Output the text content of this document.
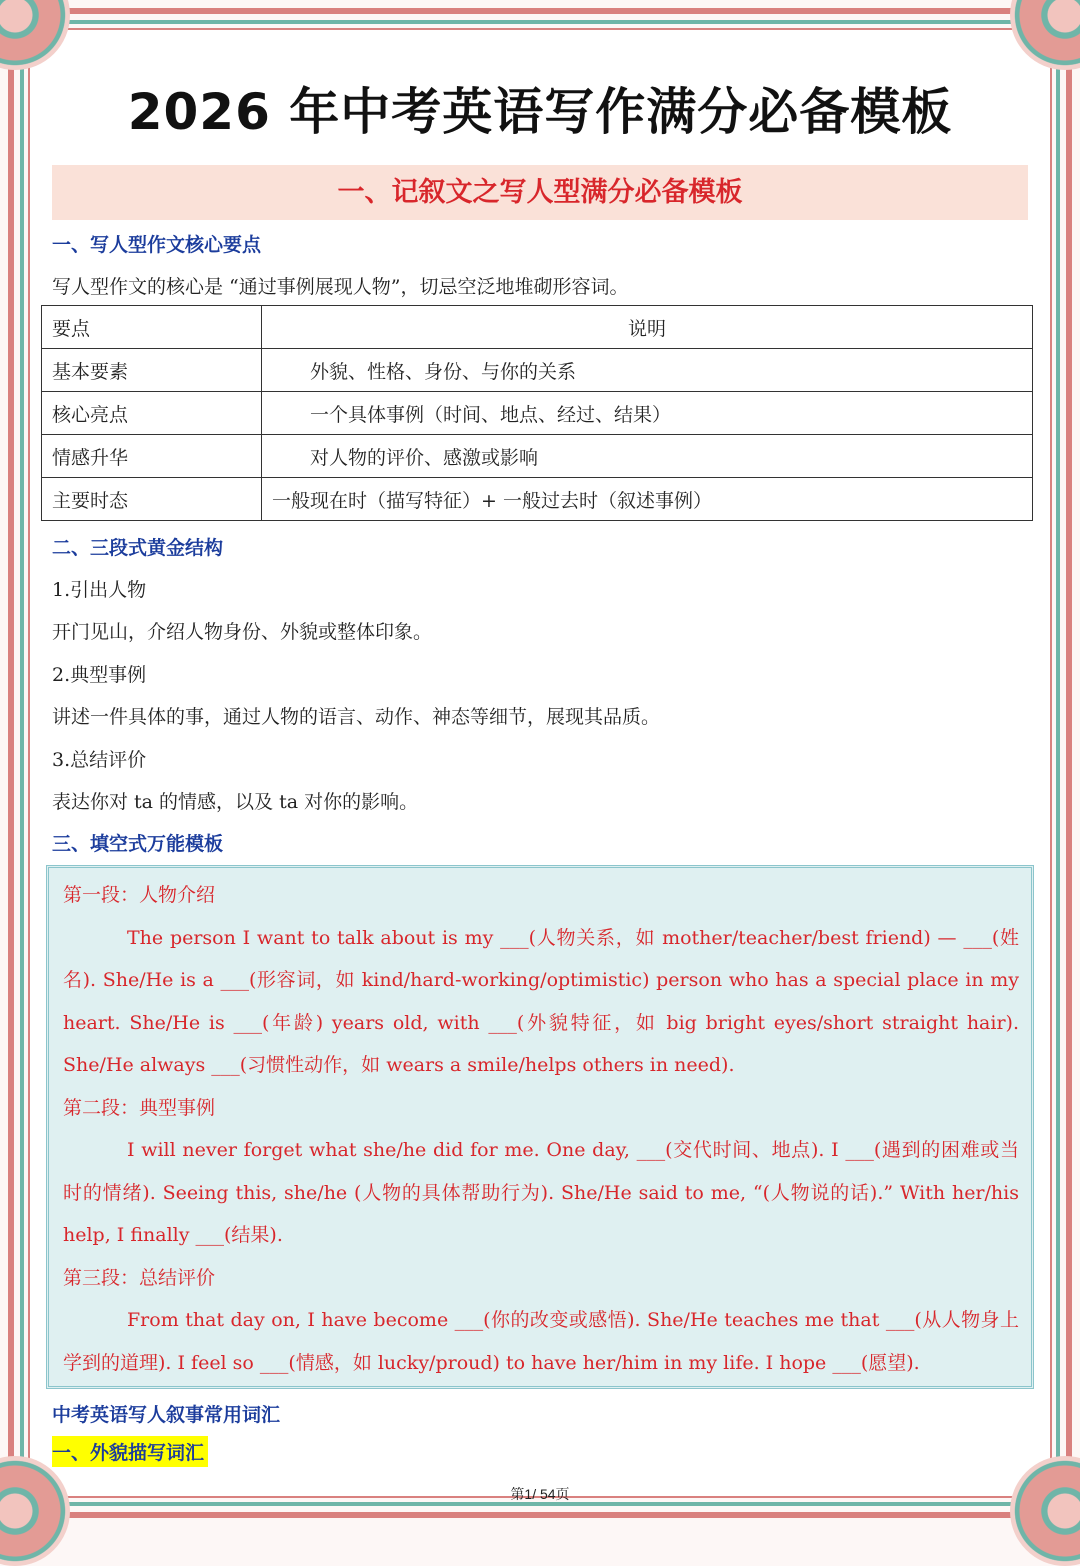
2026 年中考英语写作满分必备模板
一、记叙文之写人型满分必备模板
一、写人型作文核心要点
写人型作文的核心是 “通过事例展现人物”，切忌空泛地堆砌形容词。
要点	说明
基本要素	外貌、性格、身份、与你的关系
核心亮点	一个具体事例（时间、地点、经过、结果）
情感升华	对人物的评价、感激或影响
主要时态	一般现在时（描写特征）+ 一般过去时（叙述事例）
二、三段式黄金结构
1.引出人物
开门见山，介绍人物身份、外貌或整体印象。
2.典型事例
讲述一件具体的事，通过人物的语言、动作、神态等细节，展现其品质。
3.总结评价
表达你对 ta 的情感，以及 ta 对你的影响。
三、填空式万能模板
第一段：人物介绍
The person I want to talk about is my ___(人物关系，如 mother/teacher/best friend) — ___(姓名). She/He is a ___(形容词，如 kind/hard-working/optimistic) person who has a special place in my heart. She/He is ___(年龄) years old, with ___(外貌特征，如 big bright eyes/short straight hair). She/He always ___(习惯性动作，如 wears a smile/helps others in need).
第二段：典型事例
I will never forget what she/he did for me. One day, ___(交代时间、地点). I ___(遇到的困难或当时的情绪). Seeing this, she/he (人物的具体帮助行为). She/He said to me, “(人物说的话).” With her/his help, I finally ___(结果).
第三段：总结评价
From that day on, I have become ___(你的改变或感悟). She/He teaches me that ___(从人物身上学到的道理). I feel so ___(情感，如 lucky/proud) to have her/him in my life. I hope ___(愿望).
中考英语写人叙事常用词汇
一、外貌描写词汇
第1/ 54页
